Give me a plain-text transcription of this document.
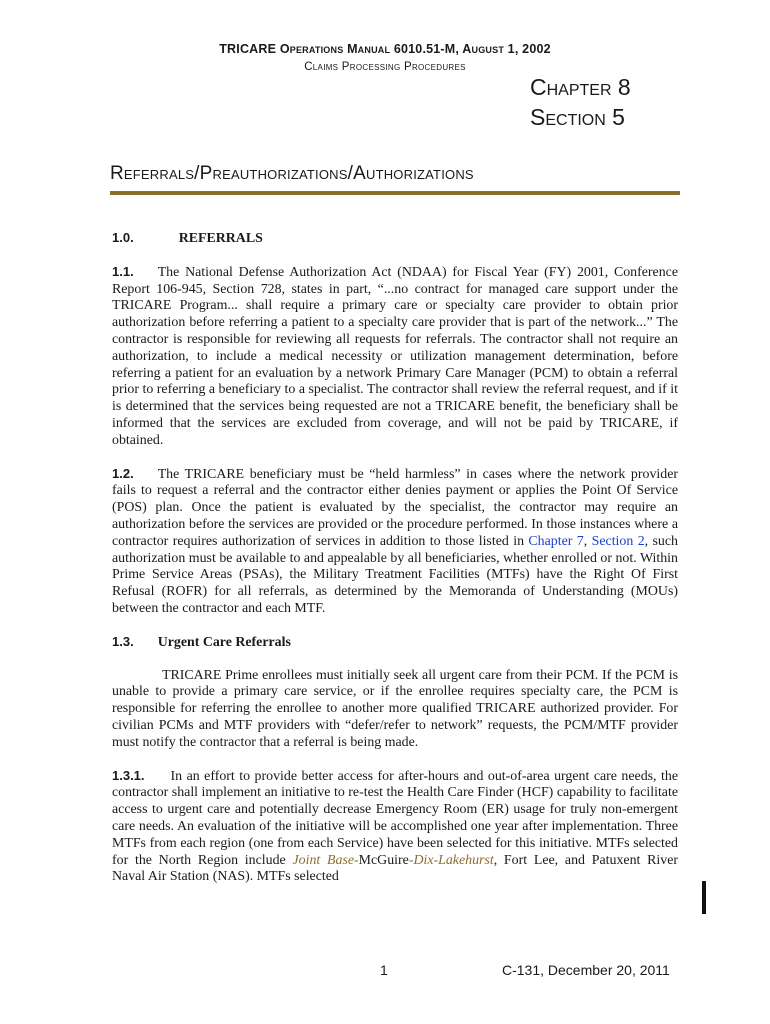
TRICARE Operations Manual 6010.51-M, August 1, 2002
Claims Processing Procedures
Chapter 8
Section 5
Referrals/Preauthorizations/Authorizations

1.0.	REFERRALS

1.1. The National Defense Authorization Act (NDAA) for Fiscal Year (FY) 2001, Conference Report 106-945, Section 728, states in part, “...no contract for managed care support under the TRICARE Program... shall require a primary care or specialty care provider to obtain prior authorization before referring a patient to a specialty care provider that is part of the network...” The contractor is responsible for reviewing all requests for referrals. The contractor shall not require an authorization, to include a medical necessity or utilization management determination, before referring a patient for an evaluation by a network Primary Care Manager (PCM) to obtain a referral prior to referring a beneficiary to a specialist. The contractor shall review the referral request, and if it is determined that the services being requested are not a TRICARE benefit, the beneficiary shall be informed that the services are excluded from coverage, and will not be paid by TRICARE, if obtained.

1.2. The TRICARE beneficiary must be “held harmless” in cases where the network provider fails to request a referral and the contractor either denies payment or applies the Point Of Service (POS) plan. Once the patient is evaluated by the specialist, the contractor may require an authorization before the services are provided or the procedure performed. In those instances where a contractor requires authorization of services in addition to those listed in Chapter 7, Section 2, such authorization must be available to and appealable by all beneficiaries, whether enrolled or not. Within Prime Service Areas (PSAs), the Military Treatment Facilities (MTFs) have the Right Of First Refusal (ROFR) for all referrals, as determined by the Memoranda of Understanding (MOUs) between the contractor and each MTF.

1.3. Urgent Care Referrals

TRICARE Prime enrollees must initially seek all urgent care from their PCM. If the PCM is unable to provide a primary care service, or if the enrollee requires specialty care, the PCM is responsible for referring the enrollee to another more qualified TRICARE authorized provider. For civilian PCMs and MTF providers with “defer/refer to network” requests, the PCM/MTF provider must notify the contractor that a referral is being made.

1.3.1. In an effort to provide better access for after-hours and out-of-area urgent care needs, the contractor shall implement an initiative to re-test the Health Care Finder (HCF) capability to facilitate access to urgent care and potentially decrease Emergency Room (ER) usage for truly non-emergent care needs. An evaluation of the initiative will be accomplished one year after implementation. Three MTFs from each region (one from each Service) have been selected for this initiative. MTFs selected for the North Region include Joint Base-McGuire-Dix-Lakehurst, Fort Lee, and Patuxent River Naval Air Station (NAS). MTFs selected

1	C-131, December 20, 2011
